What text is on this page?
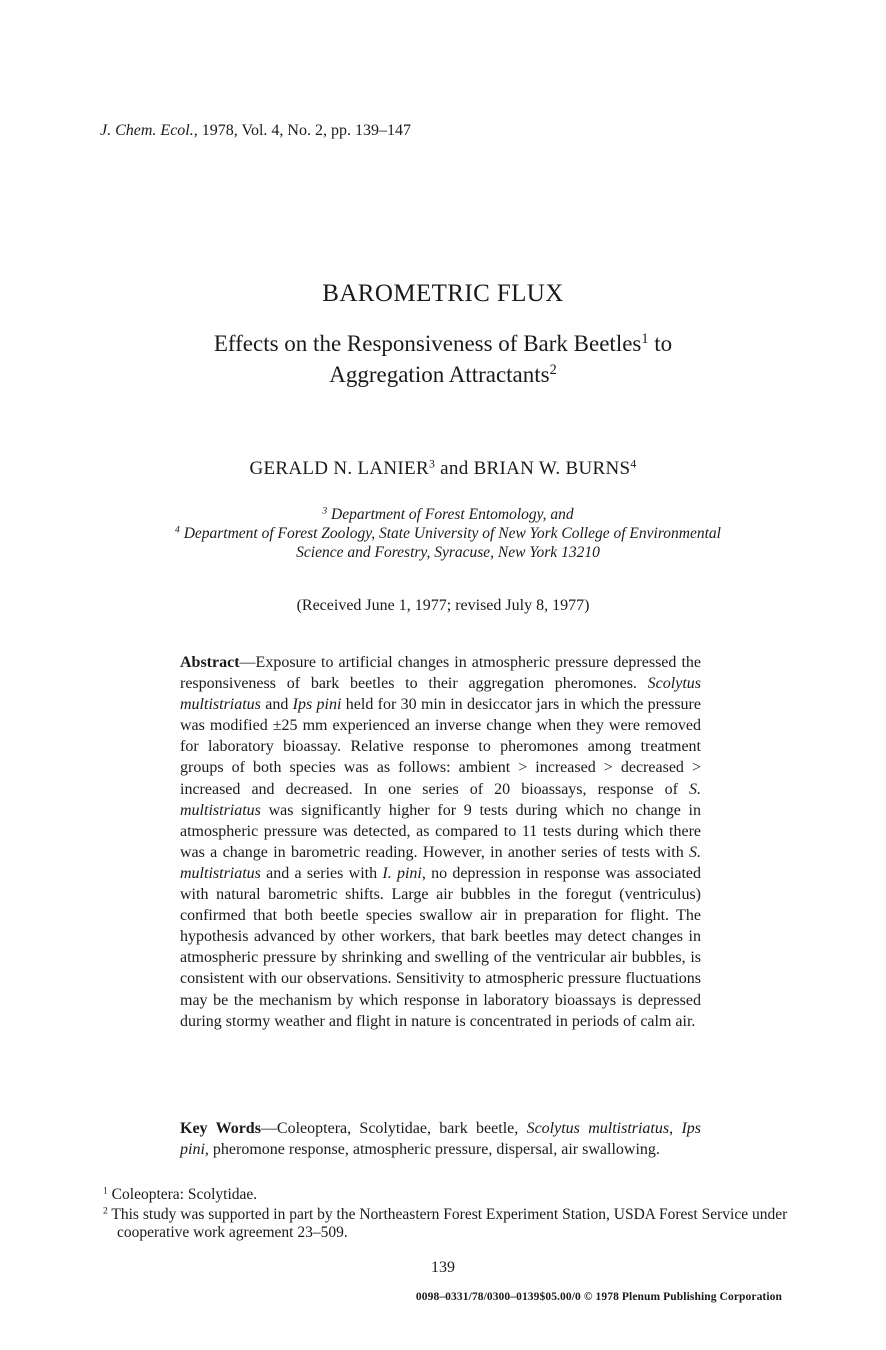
J. Chem. Ecol., 1978, Vol. 4, No. 2, pp. 139–147
BAROMETRIC FLUX
Effects on the Responsiveness of Bark Beetles$^1$ to
Aggregation Attractants$^2$
GERALD N. LANIER$^3$ and BRIAN W. BURNS$^4$
$^3$ Department of Forest Entomology, and
$^4$ Department of Forest Zoology, State University of New York College of Environmental
Science and Forestry, Syracuse, New York 13210
(Received June 1, 1977; revised July 8, 1977)
Abstract—Exposure to artificial changes in atmospheric pressure depressed the responsiveness of bark beetles to their aggregation pheromones. Scolytus multistriatus and Ips pini held for 30 min in desiccator jars in which the pressure was modified ±25 mm experienced an inverse change when they were removed for laboratory bioassay. Relative response to pheromones among treatment groups of both species was as follows: ambient > increased > decreased > increased and decreased. In one series of 20 bioassays, response of S. multistriatus was significantly higher for 9 tests during which no change in atmospheric pressure was detected, as compared to 11 tests during which there was a change in barometric reading. However, in another series of tests with S. multistriatus and a series with I. pini, no depression in response was associated with natural barometric shifts. Large air bubbles in the foregut (ventriculus) confirmed that both beetle species swallow air in preparation for flight. The hypothesis advanced by other workers, that bark beetles may detect changes in atmospheric pressure by shrinking and swelling of the ventricular air bubbles, is consistent with our observations. Sensitivity to atmospheric pressure fluctuations may be the mechanism by which response in laboratory bioassays is depressed during stormy weather and flight in nature is concentrated in periods of calm air.
Key Words—Coleoptera, Scolytidae, bark beetle, Scolytus multistriatus, Ips pini, pheromone response, atmospheric pressure, dispersal, air swallowing.
$^1$ Coleoptera: Scolytidae.
$^2$ This study was supported in part by the Northeastern Forest Experiment Station, USDA Forest Service under cooperative work agreement 23–509.
139
0098–0331/78/0300–0139$05.00/0 © 1978 Plenum Publishing Corporation
